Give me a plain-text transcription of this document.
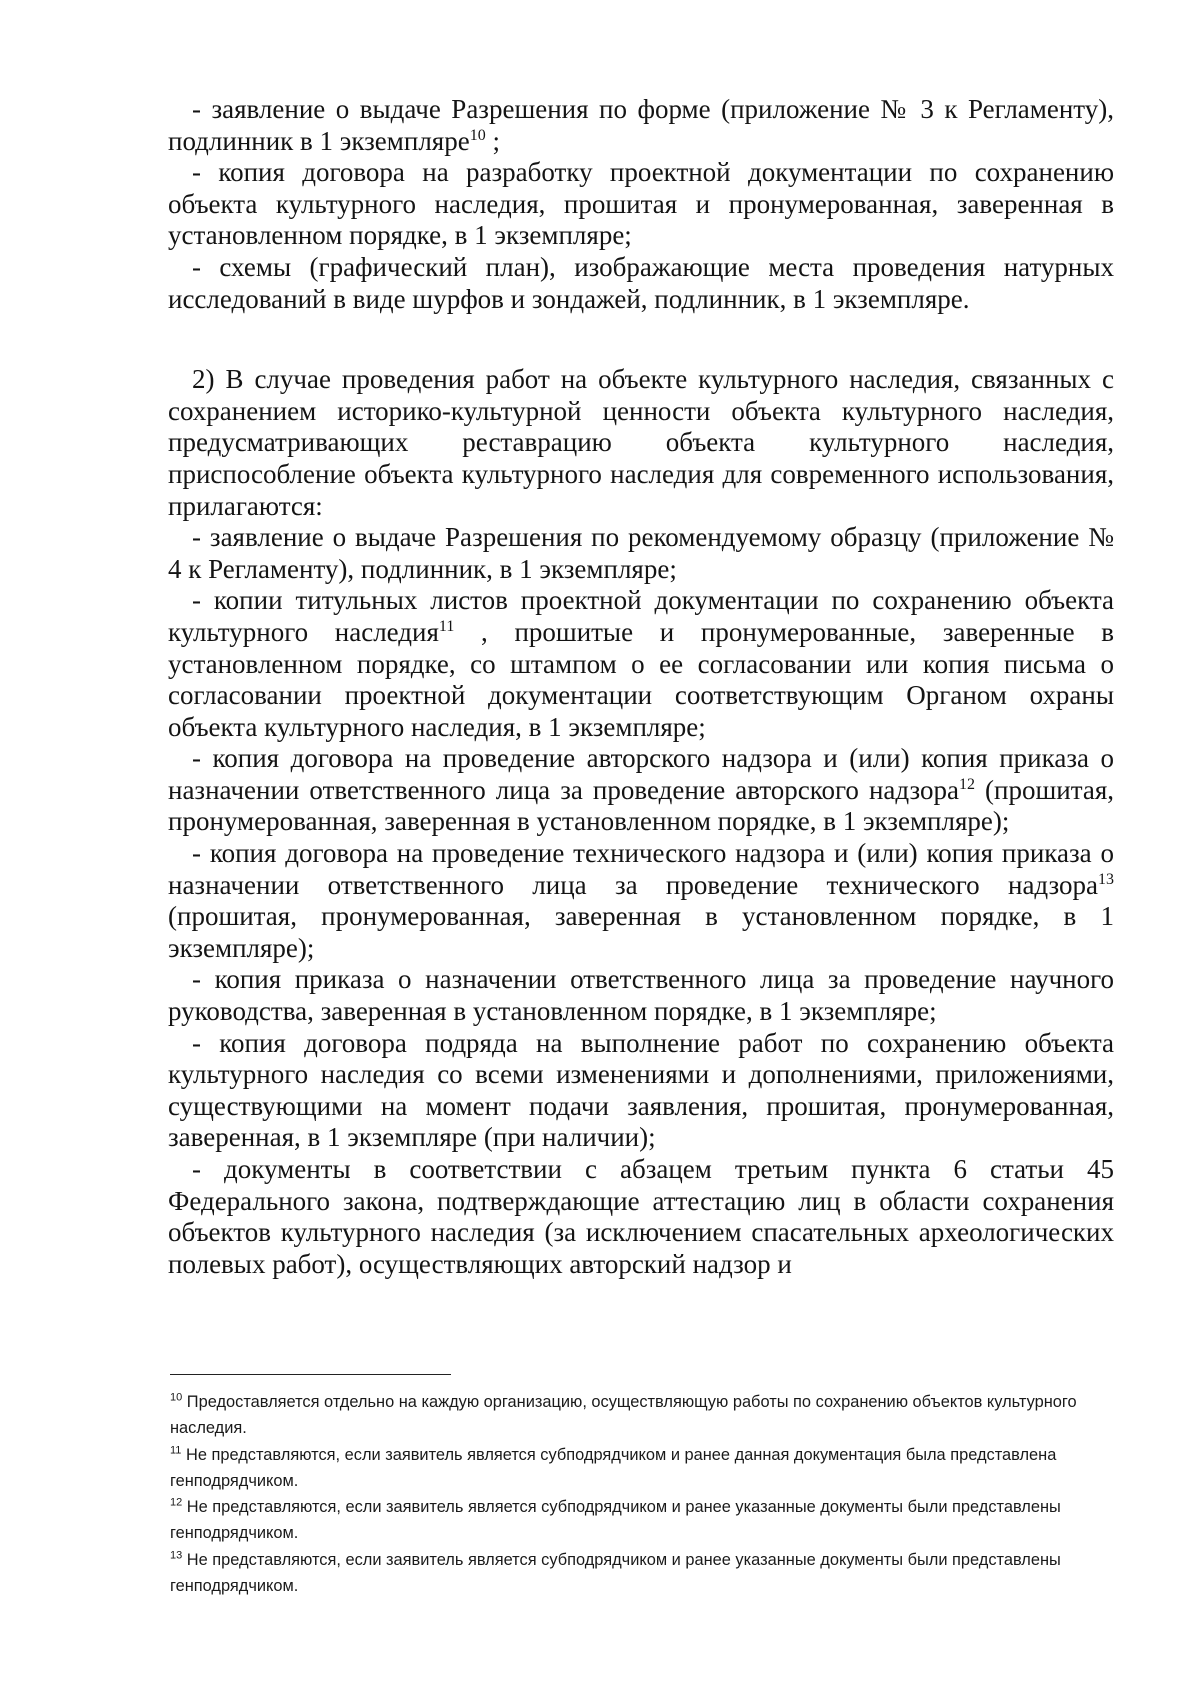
- заявление о выдаче Разрешения по форме (приложение № 3 к Регламенту), подлинник в 1 экземпляре$^{10}$ ;

- копия договора на разработку проектной документации по сохранению объекта культурного наследия, прошитая и пронумерованная, заверенная в установленном порядке, в 1 экземпляре;

- схемы (графический план), изображающие места проведения натурных исследований в виде шурфов и зондажей, подлинник, в 1 экземпляре.

2) В случае проведения работ на объекте культурного наследия, связанных с сохранением историко-культурной ценности объекта культурного наследия, предусматривающих реставрацию объекта культурного наследия, приспособление объекта культурного наследия для современного использования, прилагаются:

- заявление о выдаче Разрешения по рекомендуемому образцу (приложение № 4 к Регламенту), подлинник, в 1 экземпляре;

- копии титульных листов проектной документации по сохранению объекта культурного наследия$^{11}$ , прошитые и пронумерованные, заверенные в установленном порядке, со штампом о ее согласовании или копия письма о согласовании проектной документации соответствующим Органом охраны объекта культурного наследия, в 1 экземпляре;

- копия договора на проведение авторского надзора и (или) копия приказа о назначении ответственного лица за проведение авторского надзора$^{12}$ (прошитая, пронумерованная, заверенная в установленном порядке, в 1 экземпляре);

- копия договора на проведение технического надзора и (или) копия приказа о назначении ответственного лица за проведение технического надзора$^{13}$ (прошитая, пронумерованная, заверенная в установленном порядке, в 1 экземпляре);

- копия приказа о назначении ответственного лица за проведение научного руководства, заверенная в установленном порядке, в 1 экземпляре;

- копия договора подряда на выполнение работ по сохранению объекта культурного наследия со всеми изменениями и дополнениями, приложениями, существующими на момент подачи заявления, прошитая, пронумерованная, заверенная, в 1 экземпляре (при наличии);

- документы в соответствии с абзацем третьим пункта 6 статьи 45 Федерального закона, подтверждающие аттестацию лиц в области сохранения объектов культурного наследия (за исключением спасательных археологических полевых работ), осуществляющих авторский надзор и

$^{10}$ Предоставляется отдельно на каждую организацию, осуществляющую работы по сохранению объектов культурного наследия.

$^{11}$ Не представляются, если заявитель является субподрядчиком и ранее данная документация была представлена генподрядчиком.

$^{12}$ Не представляются, если заявитель является субподрядчиком и ранее указанные документы были представлены генподрядчиком.

$^{13}$ Не представляются, если заявитель является субподрядчиком и ранее указанные документы были представлены генподрядчиком.
